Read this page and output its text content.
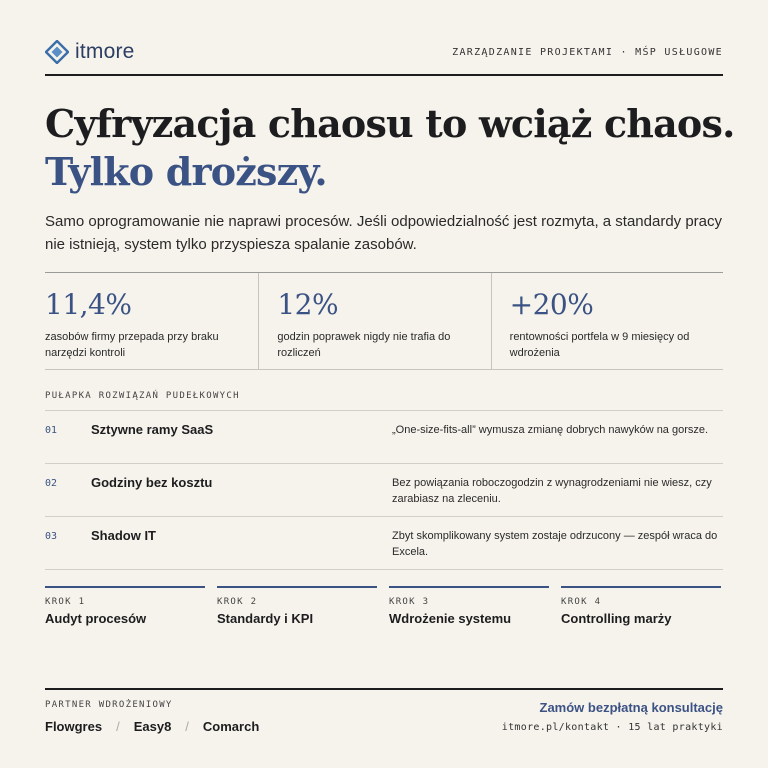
itmore	ZARZĄDZANIE PROJEKTAMI · MŚP USŁUGOWE
Cyfryzacja chaosu to wciąż chaos.
Tylko droższy.

Samo oprogramowanie nie naprawi procesów. Jeśli odpowiedzialność jest rozmyta, a standardy pracy nie istnieją, system tylko przyspiesza spalanie zasobów.

11,4%
zasobów firmy przepada przy braku narzędzi kontroli
12%
godzin poprawek nigdy nie trafia do rozliczeń
+20%
rentowności portfela w 9 miesięcy od wdrożenia
PUŁAPKA ROZWIĄZAŃ PUDEŁKOWYCH
01	Sztywne ramy SaaS	„One-size-fits-all” wymusza zmianę dobrych nawyków na gorsze.
02	Godziny bez kosztu	Bez powiązania roboczogodzin z wynagrodzeniami nie wiesz, czy zarabiasz na zleceniu.
03	Shadow IT	Zbyt skomplikowany system zostaje odrzucony — zespół wraca do Excela.
KROK 1
Audyt procesów
KROK 2
Standardy i KPI
KROK 3
Wdrożenie systemu
KROK 4
Controlling marży
PARTNER WDROŻENIOWY
Flowgres / Easy8 / Comarch
Zamów bezpłatną konsultację
itmore.pl/kontakt · 15 lat praktyki
